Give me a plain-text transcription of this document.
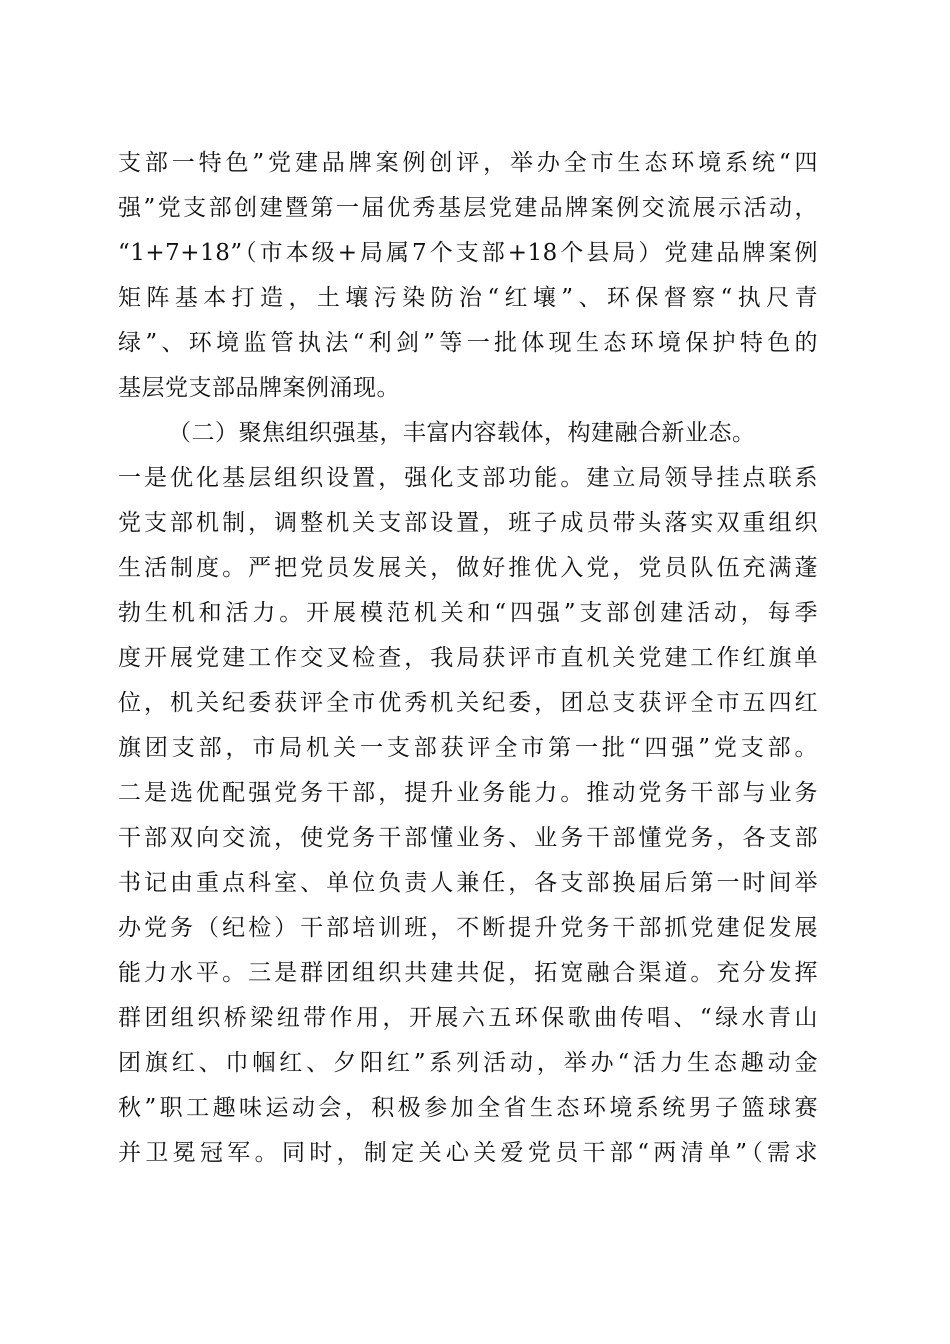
支部一特色”党建品牌案例创评，举办全市生态环境系统“四
强”党支部创建暨第一届优秀基层党建品牌案例交流展示活动，
“1+7+18”（市本级+局属7个支部+18个县局）党建品牌案例
矩阵基本打造，土壤污染防治“红壤”、环保督察“执尺青
绿”、环境监管执法“利剑”等一批体现生态环境保护特色的
基层党支部品牌案例涌现。
（二）聚焦组织强基，丰富内容载体，构建融合新业态。
一是优化基层组织设置，强化支部功能。建立局领导挂点联系
党支部机制，调整机关支部设置，班子成员带头落实双重组织
生活制度。严把党员发展关，做好推优入党，党员队伍充满蓬
勃生机和活力。开展模范机关和“四强”支部创建活动，每季
度开展党建工作交叉检查，我局获评市直机关党建工作红旗单
位，机关纪委获评全市优秀机关纪委，团总支获评全市五四红
旗团支部，市局机关一支部获评全市第一批“四强”党支部。
二是选优配强党务干部，提升业务能力。推动党务干部与业务
干部双向交流，使党务干部懂业务、业务干部懂党务，各支部
书记由重点科室、单位负责人兼任，各支部换届后第一时间举
办党务（纪检）干部培训班，不断提升党务干部抓党建促发展
能力水平。三是群团组织共建共促，拓宽融合渠道。充分发挥
群团组织桥梁纽带作用，开展六五环保歌曲传唱、“绿水青山
团旗红、巾帼红、夕阳红”系列活动，举办“活力生态趣动金
秋”职工趣味运动会，积极参加全省生态环境系统男子篮球赛
并卫冕冠军。同时，制定关心关爱党员干部“两清单”（需求
